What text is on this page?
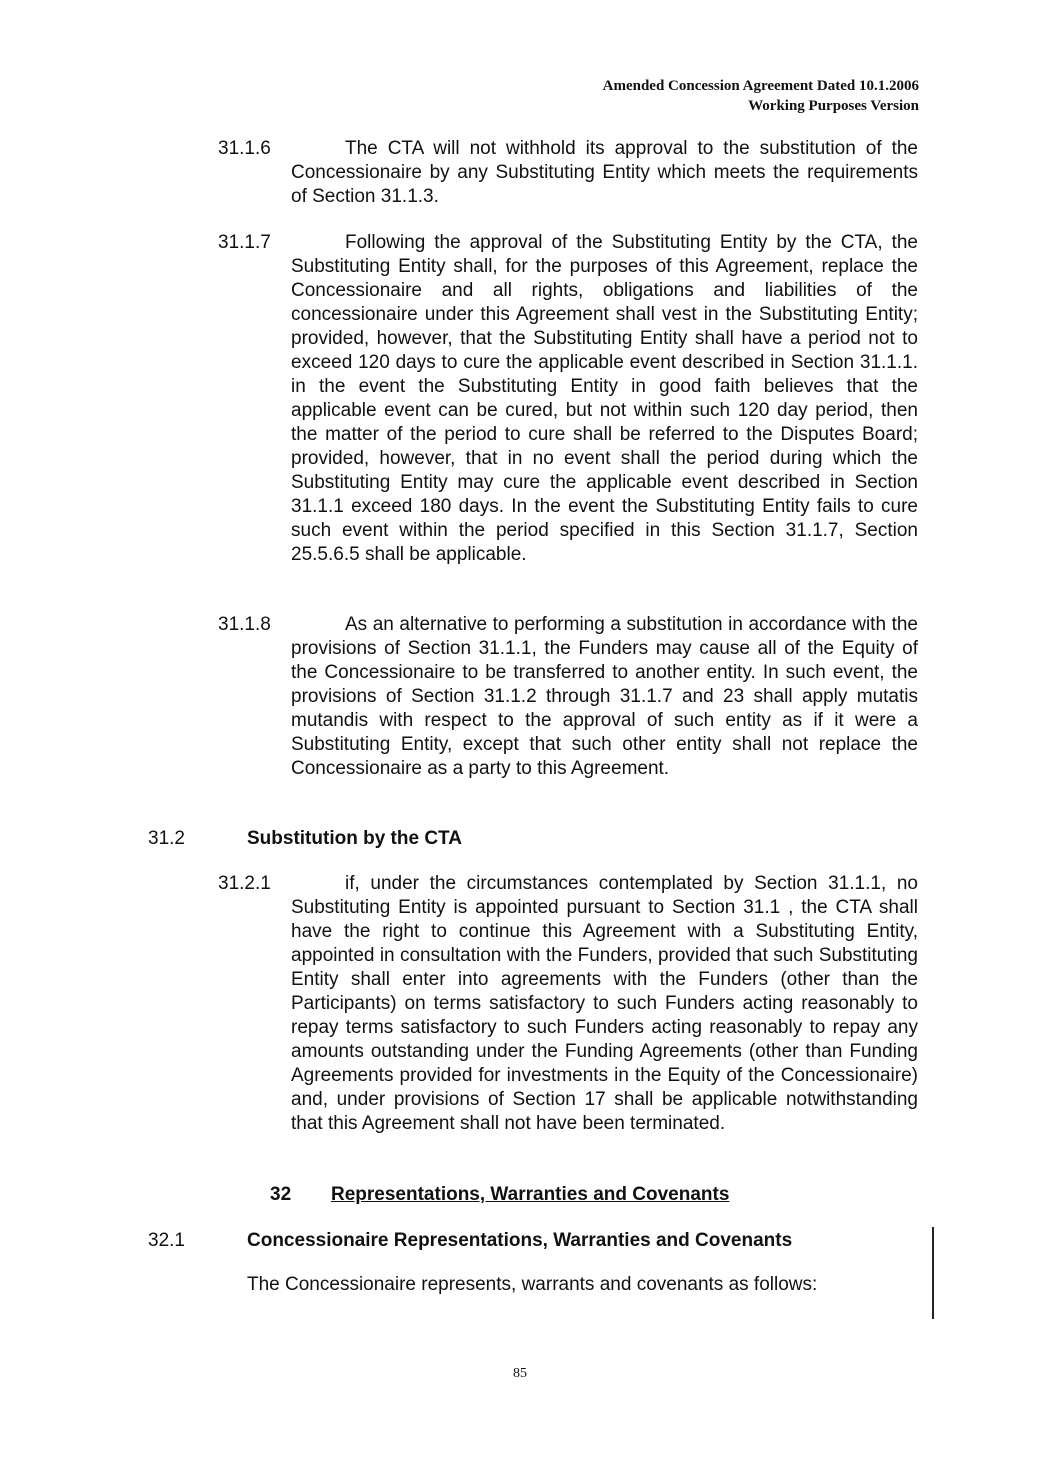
Amended Concession Agreement Dated 10.1.2006
Working Purposes Version
31.1.6	The CTA will not withhold its approval to the substitution of the Concessionaire by any Substituting Entity which meets the requirements of Section 31.1.3.
31.1.7	Following the approval of the Substituting Entity by the CTA, the Substituting Entity shall, for the purposes of this Agreement, replace the Concessionaire and all rights, obligations and liabilities of the concessionaire under this Agreement shall vest in the Substituting Entity; provided, however, that the Substituting Entity shall have a period not to exceed 120 days to cure the applicable event described in Section 31.1.1. in the event the Substituting Entity in good faith believes that the applicable event can be cured, but not within such 120 day period, then the matter of the period to cure shall be referred to the Disputes Board; provided, however, that in no event shall the period during which the Substituting Entity may cure the applicable event described in Section 31.1.1 exceed 180 days. In the event the Substituting Entity fails to cure such event within the period specified in this Section 31.1.7, Section 25.5.6.5 shall be applicable.
31.1.8	As an alternative to performing a substitution in accordance with the provisions of Section 31.1.1, the Funders may cause all of the Equity of the Concessionaire to be transferred to another entity. In such event, the provisions of Section 31.1.2 through 31.1.7 and 23 shall apply mutatis mutandis with respect to the approval of such entity as if it were a Substituting Entity, except that such other entity shall not replace the Concessionaire as a party to this Agreement.
31.2	Substitution by the CTA
31.2.1	if, under the circumstances contemplated by Section 31.1.1, no Substituting Entity is appointed pursuant to Section 31.1 , the CTA shall have the right to continue this Agreement with a Substituting Entity, appointed in consultation with the Funders, provided that such Substituting Entity shall enter into agreements with the Funders (other than the Participants) on terms satisfactory to such Funders acting reasonably to repay terms satisfactory to such Funders acting reasonably to repay any amounts outstanding under the Funding Agreements (other than Funding Agreements provided for investments in the Equity of the Concessionaire) and, under provisions of Section 17 shall be applicable notwithstanding that this Agreement shall not have been terminated.
32 Representations, Warranties and Covenants
32.1	Concessionaire Representations, Warranties and Covenants
The Concessionaire represents, warrants and covenants as follows:
85
